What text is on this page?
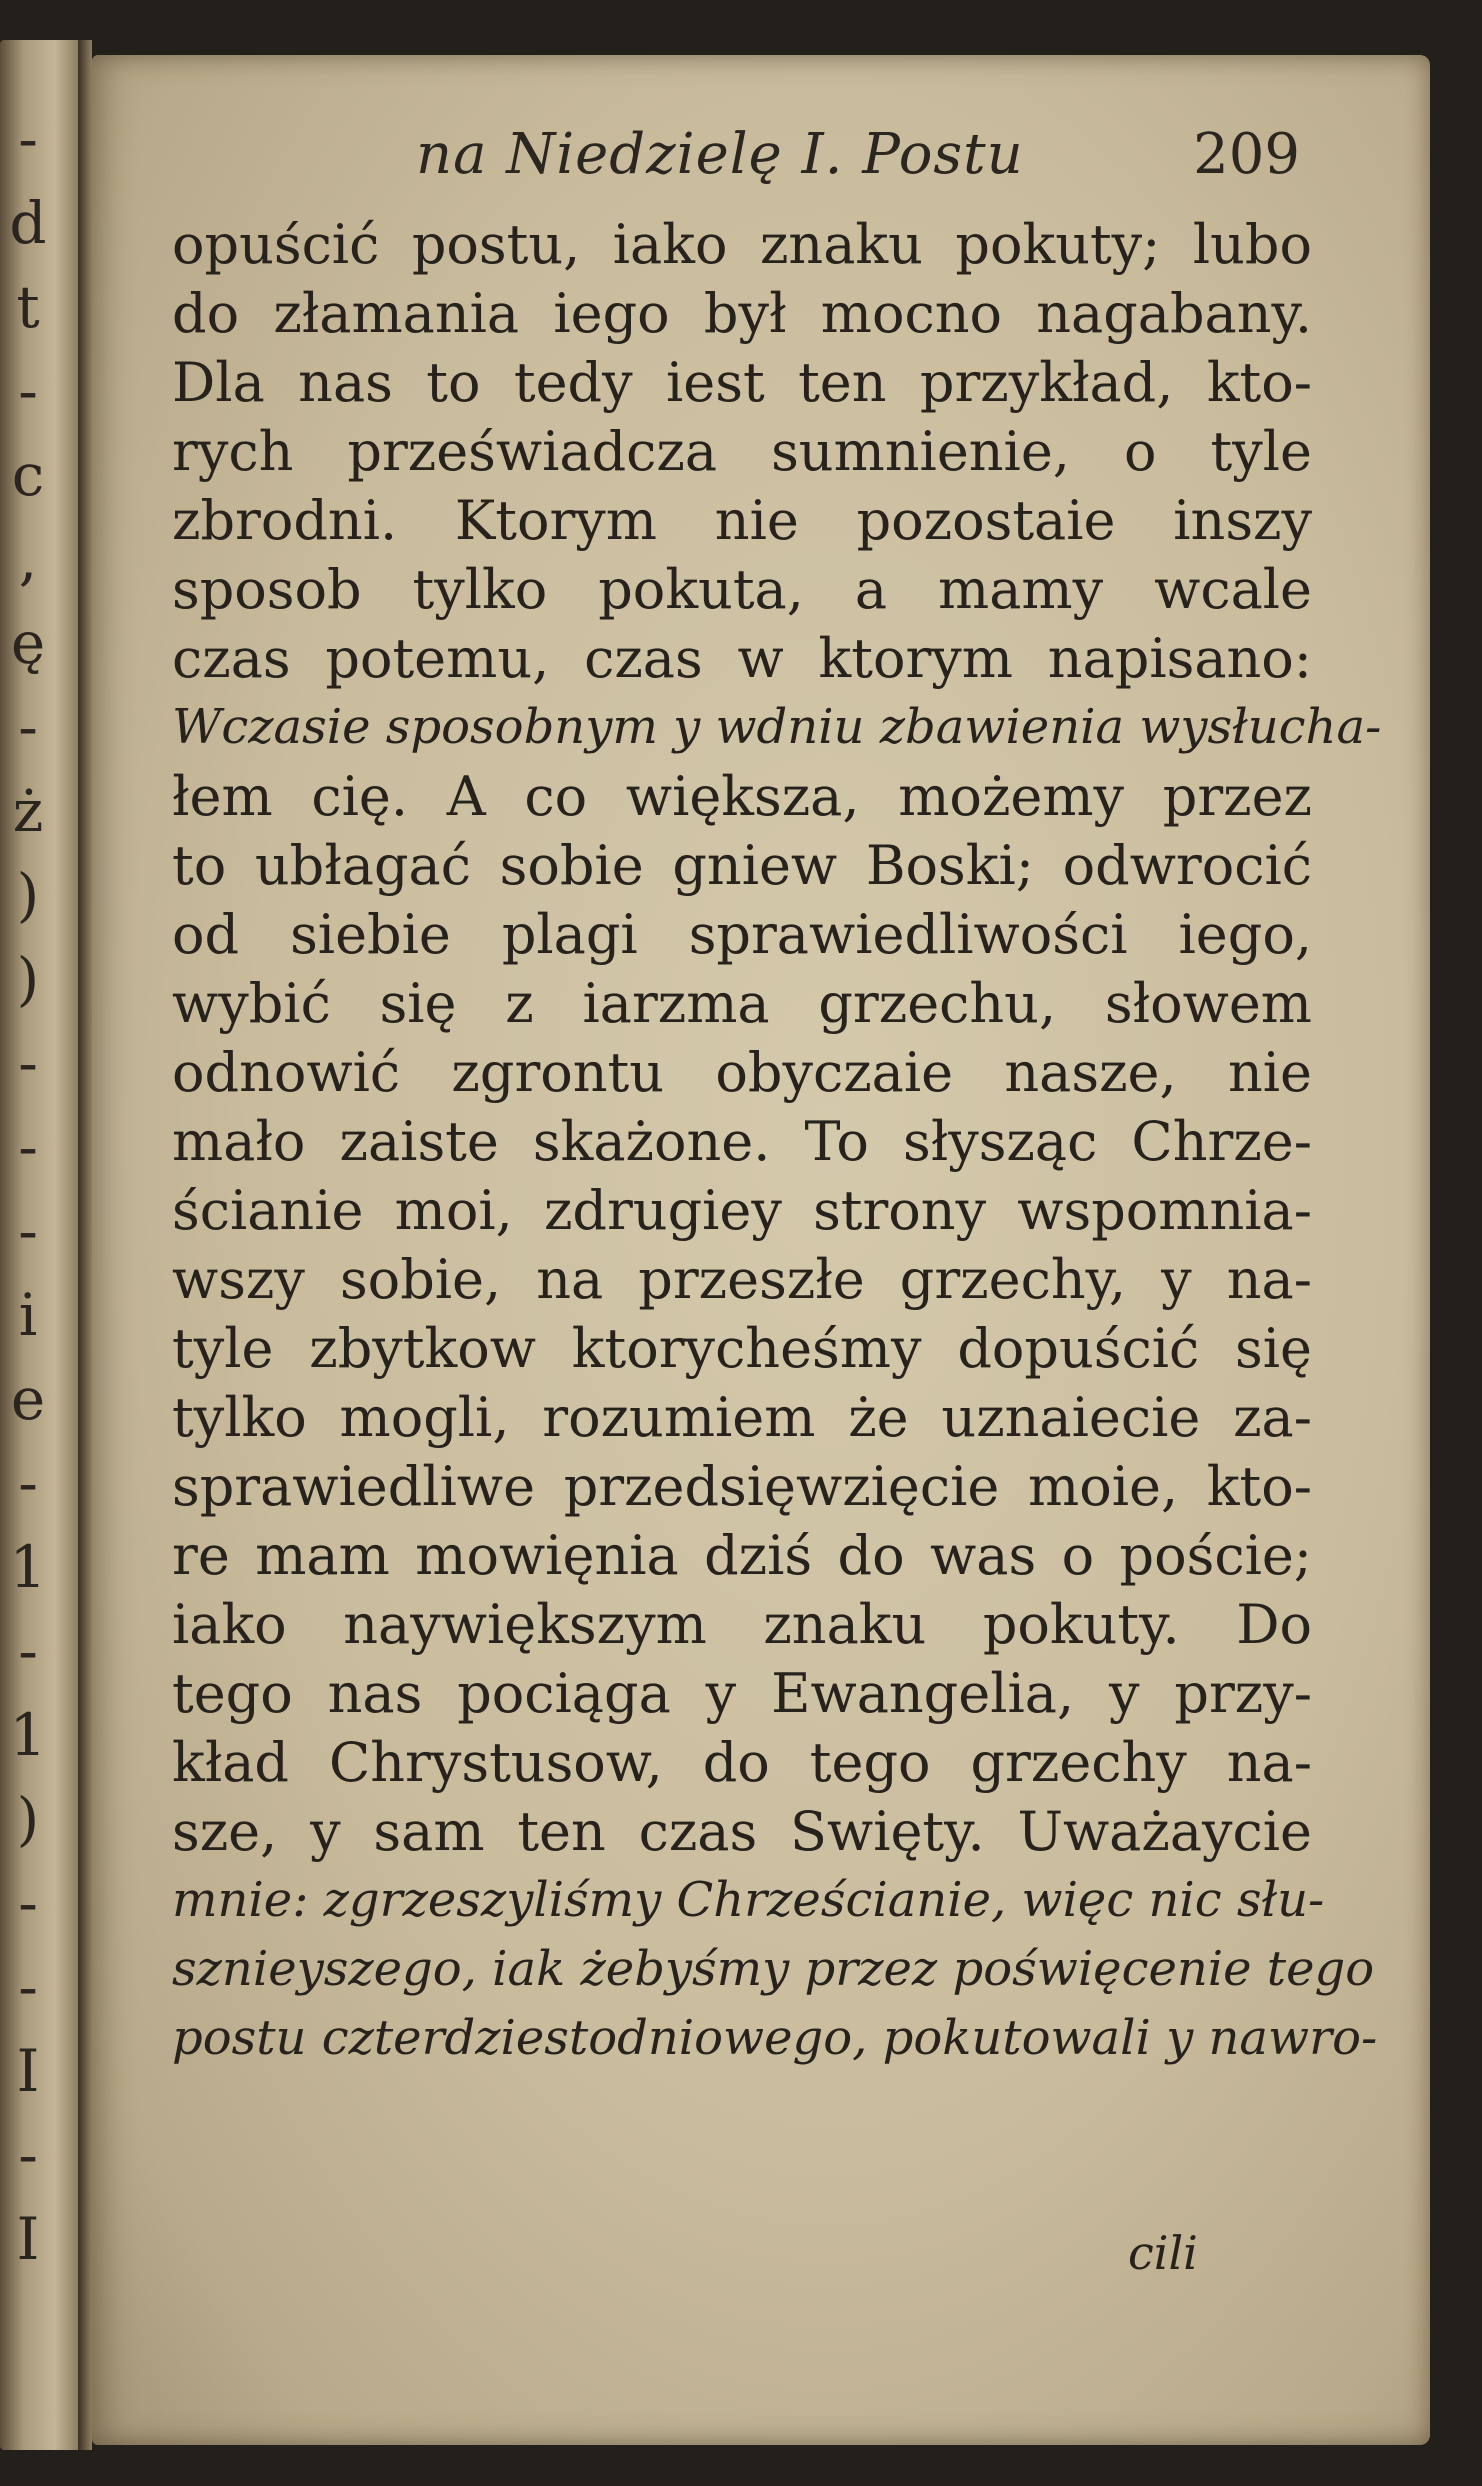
-
d
t
-
c
,
ę
-
ż
)
)
-
-
-
i
e
-
1
-
1
)
-
-
I
-
I
na Niedzielę I. Postu	209
opuścić postu, iako znaku pokuty; lubo
do złamania iego był mocno nagabany.
Dla nas to tedy iest ten przykład, kto-
rych przeświadcza sumnienie, o tyle
zbrodni. Ktorym nie pozostaie inszy
sposob tylko pokuta, a mamy wcale
czas potemu, czas w ktorym napisano:
Wczasie sposobnym y wdniu zbawienia wysłucha-
łem cię. A co większa, możemy przez
to ubłagać sobie gniew Boski; odwrocić
od siebie plagi sprawiedliwości iego,
wybić się z iarzma grzechu, słowem
odnowić zgrontu obyczaie nasze, nie
mało zaiste skażone. To słysząc Chrze-
ścianie moi, zdrugiey strony wspomnia-
wszy sobie, na przeszłe grzechy, y na-
tyle zbytkow ktorycheśmy dopuścić się
tylko mogli, rozumiem że uznaiecie za-
sprawiedliwe przedsięwzięcie moie, kto-
re mam mowięnia dziś do was o poście;
iako naywiększym znaku pokuty. Do
tego nas pociąga y Ewangelia, y przy-
kład Chrystusow, do tego grzechy na-
sze, y sam ten czas Swięty. Uważaycie
mnie: zgrzeszyliśmy Chrześcianie, więc nic słu-
sznieyszego, iak żebyśmy przez poświęcenie tego
postu czterdziestodniowego, pokutowali y nawro-
cili
